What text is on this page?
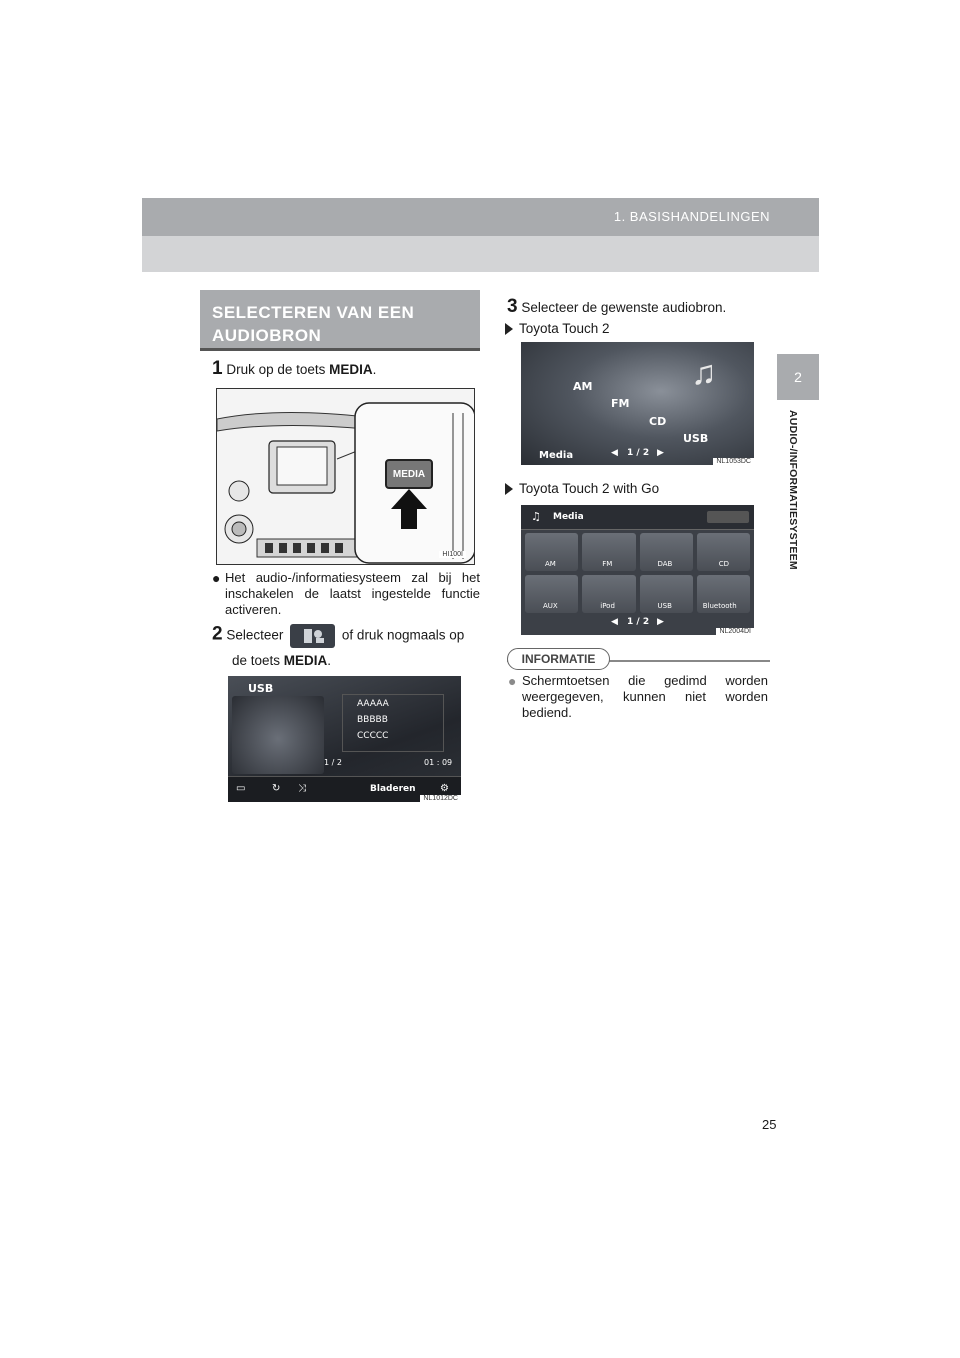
1. BASISHANDELINGEN
2
AUDIO-/INFORMATIESYSTEEM
SELECTEREN VAN EEN
AUDIOBRON
1 Druk op de toets MEDIA.
MEDIA
HI100I
● Het audio-/informatiesysteem zal bij het inschakelen de laatst ingestelde functie activeren.
2 Selecteer	of druk nogmaals op
de toets MEDIA.
USB
AAAAA
BBBBB
CCCCC
1 / 2	01 : 09
▭	↻ ⤨	Bladeren ⚙
NL1012DC
3 Selecteer de gewenste audiobron.
Toyota Touch 2
AM
FM
CD
USB
♫
Media	◀ 1 / 2 ▶
NL1053DC
Toyota Touch 2 with Go
♫ Media
AM	FM	DAB	CD
AUX	iPod	USB	Bluetooth
◀ 1 / 2 ▶
NL2004DI
INFORMATIE
● Schermtoetsen die gedimd worden weergegeven, kunnen niet worden bediend.
25
